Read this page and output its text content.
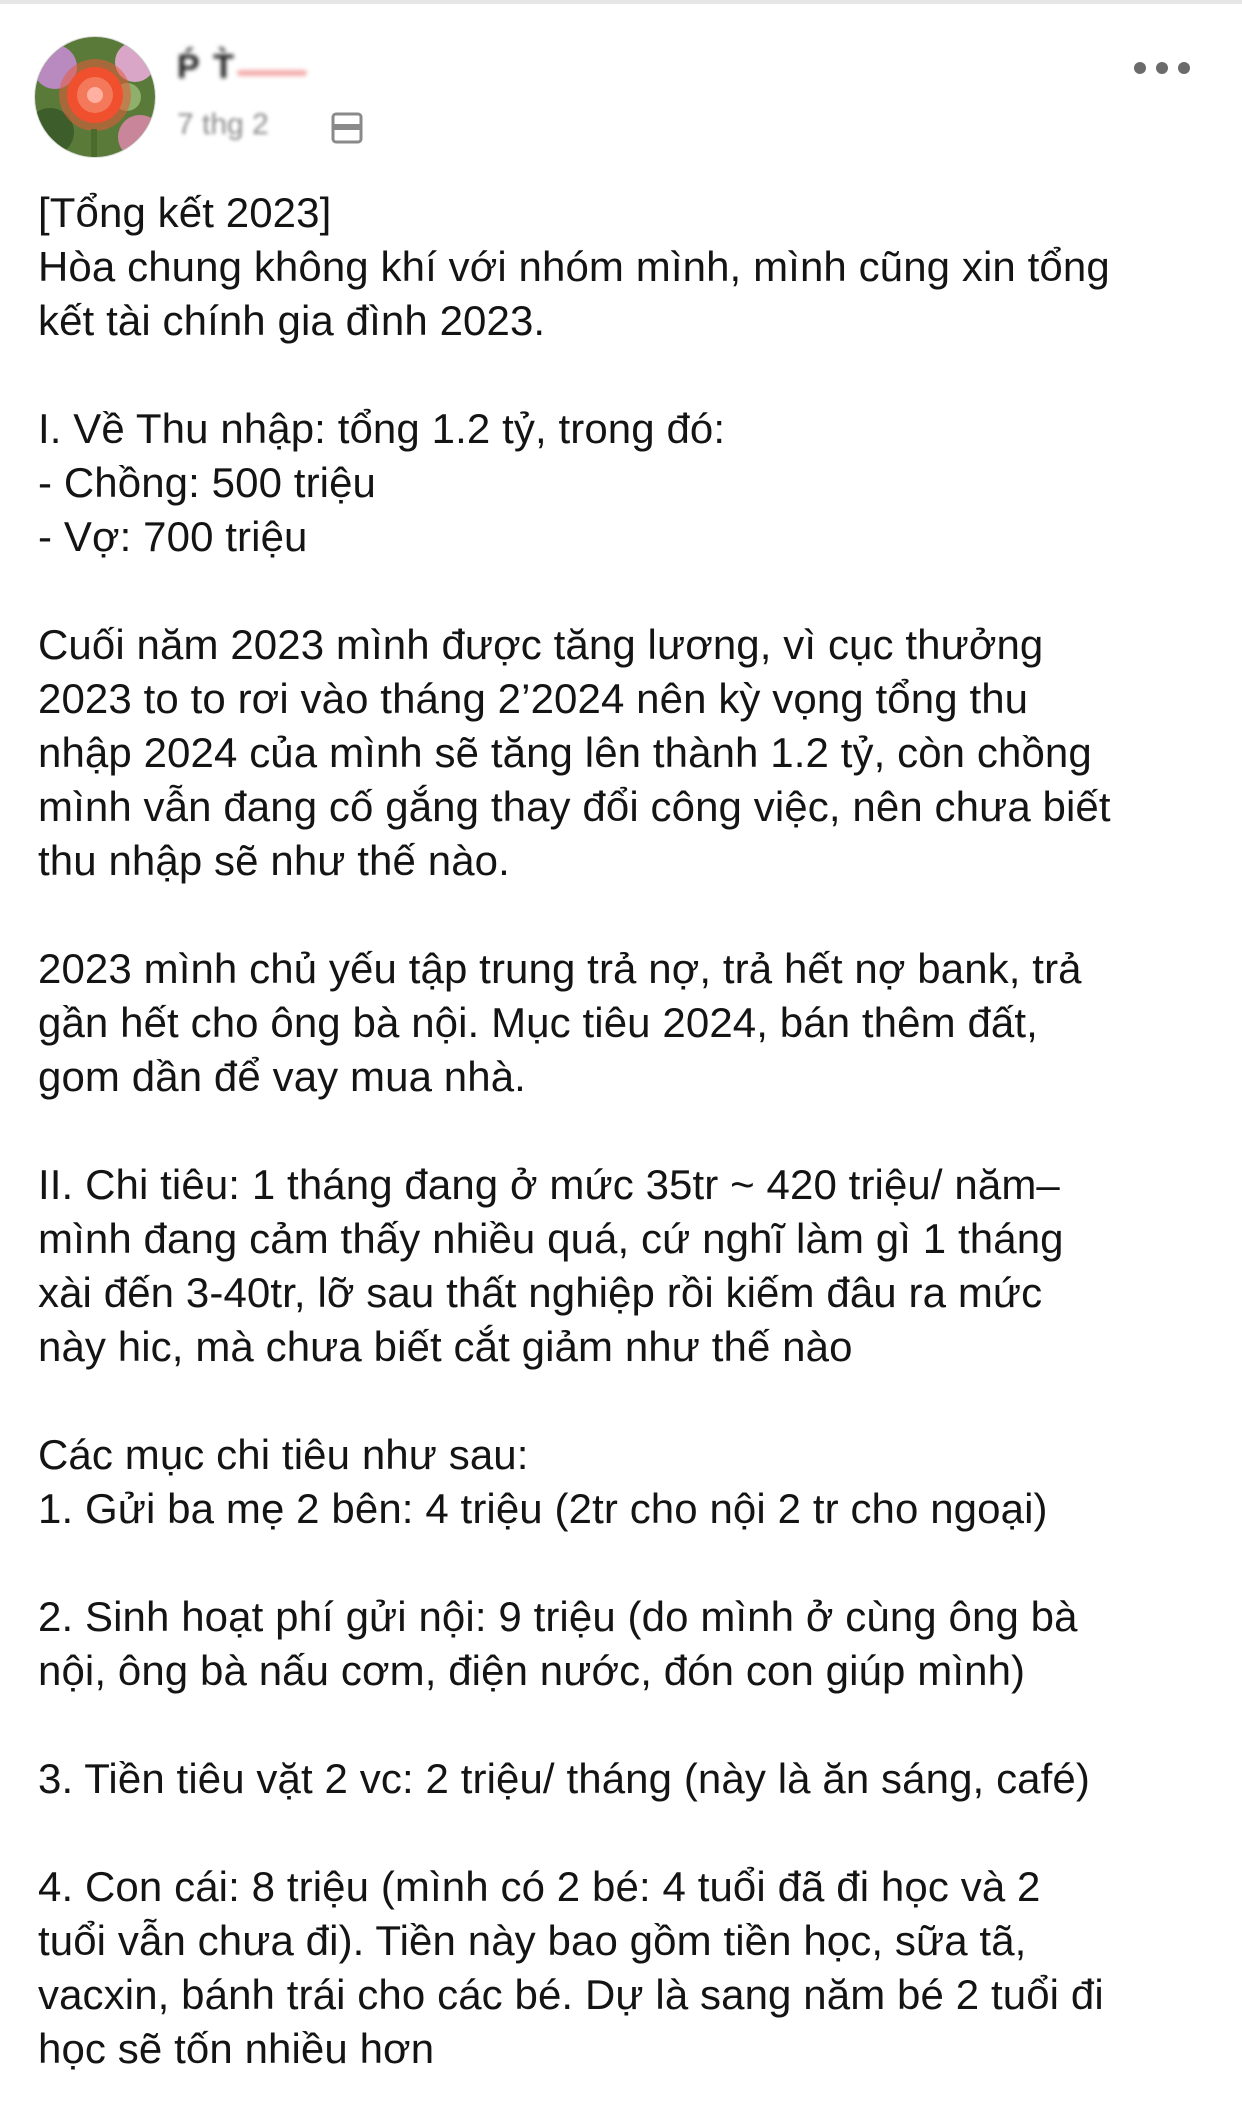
Ṕ T̀
7 thg 2

[Tổng kết 2023]

Hòa chung không khí với nhóm mình, mình cũng xin tổng
kết tài chính gia đình 2023.

I. Về Thu nhập: tổng 1.2 tỷ, trong đó:

- Chồng: 500 triệu

- Vợ: 700 triệu

Cuối năm 2023 mình được tăng lương, vì cục thưởng
2023 to to rơi vào tháng 2’2024 nên kỳ vọng tổng thu
nhập 2024 của mình sẽ tăng lên thành 1.2 tỷ, còn chồng
mình vẫn đang cố gắng thay đổi công việc, nên chưa biết
thu nhập sẽ như thế nào.

2023 mình chủ yếu tập trung trả nợ, trả hết nợ bank, trả
gần hết cho ông bà nội. Mục tiêu 2024, bán thêm đất,
gom dần để vay mua nhà.

II. Chi tiêu: 1 tháng đang ở mức 35tr ~ 420 triệu/ năm–
mình đang cảm thấy nhiều quá, cứ nghĩ làm gì 1 tháng
xài đến 3-40tr, lỡ sau thất nghiệp rồi kiếm đâu ra mức
này hic, mà chưa biết cắt giảm như thế nào

Các mục chi tiêu như sau:

1. Gửi ba mẹ 2 bên: 4 triệu (2tr cho nội 2 tr cho ngoại)

2. Sinh hoạt phí gửi nội: 9 triệu (do mình ở cùng ông bà
nội, ông bà nấu cơm, điện nước, đón con giúp mình)

3. Tiền tiêu vặt 2 vc: 2 triệu/ tháng (này là ăn sáng, café)

4. Con cái: 8 triệu (mình có 2 bé: 4 tuổi đã đi học và 2
tuổi vẫn chưa đi). Tiền này bao gồm tiền học, sữa tã,
vacxin, bánh trái cho các bé. Dự là sang năm bé 2 tuổi đi
học sẽ tốn nhiều hơn
